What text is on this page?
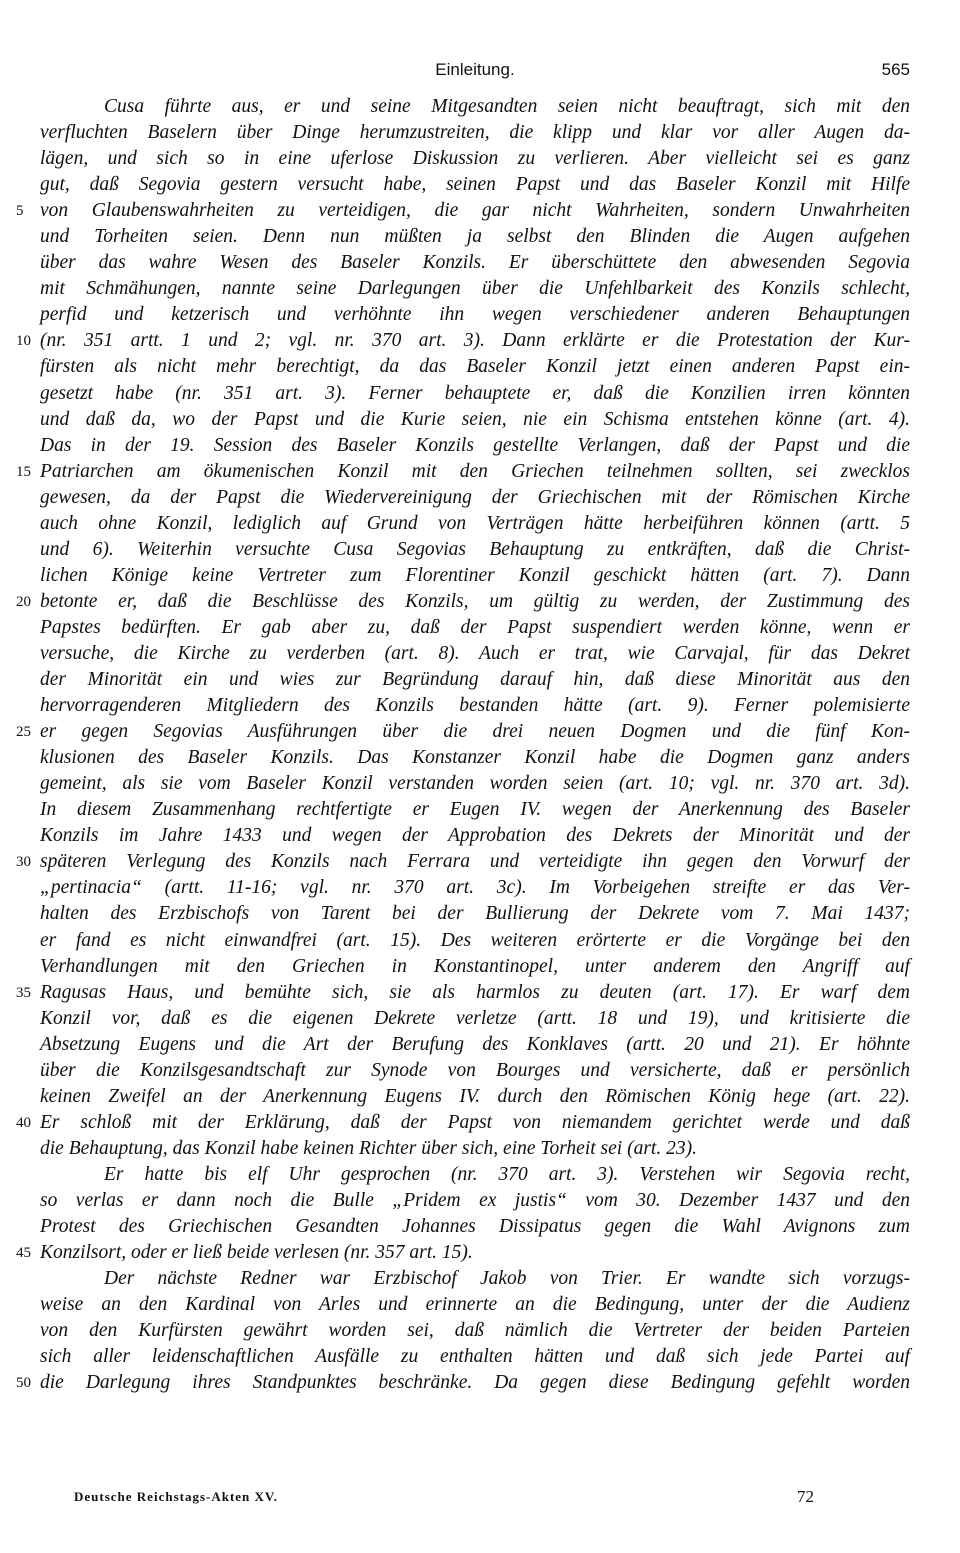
Einleitung.	565
Cusa führte aus, er und seine Mitgesandten seien nicht beauftragt, sich mit den
verfluchten Baselern über Dinge herumzustreiten, die klipp und klar vor aller Augen da-
lägen, und sich so in eine uferlose Diskussion zu verlieren. Aber vielleicht sei es ganz
gut, daß Segovia gestern versucht habe, seinen Papst und das Baseler Konzil mit Hilfe
5 von Glaubenswahrheiten zu verteidigen, die gar nicht Wahrheiten, sondern Unwahrheiten
und Torheiten seien. Denn nun müßten ja selbst den Blinden die Augen aufgehen
über das wahre Wesen des Baseler Konzils. Er überschüttete den abwesenden Segovia
mit Schmähungen, nannte seine Darlegungen über die Unfehlbarkeit des Konzils schlecht,
perfid und ketzerisch und verhöhnte ihn wegen verschiedener anderen Behauptungen
10 (nr. 351 artt. 1 und 2; vgl. nr. 370 art. 3). Dann erklärte er die Protestation der Kur-
fürsten als nicht mehr berechtigt, da das Baseler Konzil jetzt einen anderen Papst ein-
gesetzt habe (nr. 351 art. 3). Ferner behauptete er, daß die Konzilien irren könnten
und daß da, wo der Papst und die Kurie seien, nie ein Schisma entstehen könne (art. 4).
Das in der 19. Session des Baseler Konzils gestellte Verlangen, daß der Papst und die
15 Patriarchen am ökumenischen Konzil mit den Griechen teilnehmen sollten, sei zwecklos
gewesen, da der Papst die Wiedervereinigung der Griechischen mit der Römischen Kirche
auch ohne Konzil, lediglich auf Grund von Verträgen hätte herbeiführen können (artt. 5
und 6). Weiterhin versuchte Cusa Segovias Behauptung zu entkräften, daß die Christ-
lichen Könige keine Vertreter zum Florentiner Konzil geschickt hätten (art. 7). Dann
20 betonte er, daß die Beschlüsse des Konzils, um gültig zu werden, der Zustimmung des
Papstes bedürften. Er gab aber zu, daß der Papst suspendiert werden könne, wenn er
versuche, die Kirche zu verderben (art. 8). Auch er trat, wie Carvajal, für das Dekret
der Minorität ein und wies zur Begründung darauf hin, daß diese Minorität aus den
hervorragenderen Mitgliedern des Konzils bestanden hätte (art. 9). Ferner polemisierte
25 er gegen Segovias Ausführungen über die drei neuen Dogmen und die fünf Kon-
klusionen des Baseler Konzils. Das Konstanzer Konzil habe die Dogmen ganz anders
gemeint, als sie vom Baseler Konzil verstanden worden seien (art. 10; vgl. nr. 370 art. 3d).
In diesem Zusammenhang rechtfertigte er Eugen IV. wegen der Anerkennung des Baseler
Konzils im Jahre 1433 und wegen der Approbation des Dekrets der Minorität und der
30 späteren Verlegung des Konzils nach Ferrara und verteidigte ihn gegen den Vorwurf der
„pertinacia“ (artt. 11-16; vgl. nr. 370 art. 3c). Im Vorbeigehen streifte er das Ver-
halten des Erzbischofs von Tarent bei der Bullierung der Dekrete vom 7. Mai 1437;
er fand es nicht einwandfrei (art. 15). Des weiteren erörterte er die Vorgänge bei den
Verhandlungen mit den Griechen in Konstantinopel, unter anderem den Angriff auf
35 Ragusas Haus, und bemühte sich, sie als harmlos zu deuten (art. 17). Er warf dem
Konzil vor, daß es die eigenen Dekrete verletze (artt. 18 und 19), und kritisierte die
Absetzung Eugens und die Art der Berufung des Konklaves (artt. 20 und 21). Er höhnte
über die Konzilsgesandtschaft zur Synode von Bourges und versicherte, daß er persönlich
keinen Zweifel an der Anerkennung Eugens IV. durch den Römischen König hege (art. 22).
40 Er schloß mit der Erklärung, daß der Papst von niemandem gerichtet werde und daß
die Behauptung, das Konzil habe keinen Richter über sich, eine Torheit sei (art. 23).
Er hatte bis elf Uhr gesprochen (nr. 370 art. 3). Verstehen wir Segovia recht,
so verlas er dann noch die Bulle „Pridem ex justis“ vom 30. Dezember 1437 und den
Protest des Griechischen Gesandten Johannes Dissipatus gegen die Wahl Avignons zum
45 Konzilsort, oder er ließ beide verlesen (nr. 357 art. 15).
Der nächste Redner war Erzbischof Jakob von Trier. Er wandte sich vorzugs-
weise an den Kardinal von Arles und erinnerte an die Bedingung, unter der die Audienz
von den Kurfürsten gewährt worden sei, daß nämlich die Vertreter der beiden Parteien
sich aller leidenschaftlichen Ausfälle zu enthalten hätten und daß sich jede Partei auf
50 die Darlegung ihres Standpunktes beschränke. Da gegen diese Bedingung gefehlt worden
Deutsche Reichstags-Akten XV.	72
